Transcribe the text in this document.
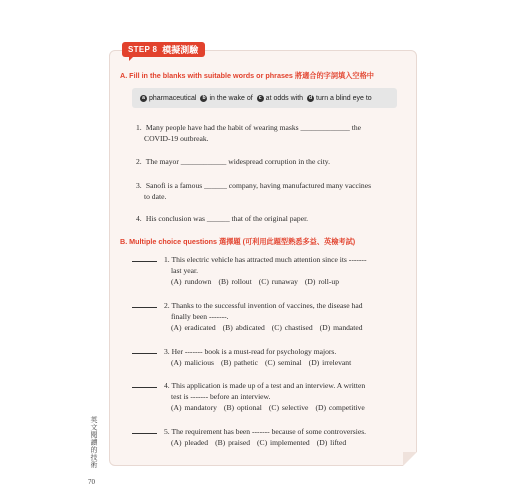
STEP 8 模擬測驗
A. Fill in the blanks with suitable words or phrases 將適合的字詞填入空格中
a pharmaceutical	b in the wake of	c at odds with	d turn a blind eye to
1. Many people have had the habit of wearing masks _____________ the
COVID-19 outbreak.
2. The mayor ____________ widespread corruption in the city.
3. Sanofi is a famous ______ company, having manufactured many vaccines
to date.
4. His conclusion was ______ that of the original paper.
B. Multiple choice questions 選擇題 (可利用此題型熟悉多益、英檢考試)
1. This electric vehicle has attracted much attention since its -------
last year.
(A) rundown (B) rollout (C) runaway (D) roll-up
2. Thanks to the successful invention of vaccines, the disease had
finally been -------.
(A) eradicated (B) abdicated (C) chastised (D) mandated
3. Her ------- book is a must-read for psychology majors.
(A) malicious (B) pathetic (C) seminal (D) irrelevant
4. This application is made up of a test and an interview. A written
test is ------- before an interview.
(A) mandatory (B) optional (C) selective (D) competitive
5. The requirement has been ------- because of some controversies.
(A) pleaded (B) praised (C) implemented (D) lifted
英文閱讀的技術
70
